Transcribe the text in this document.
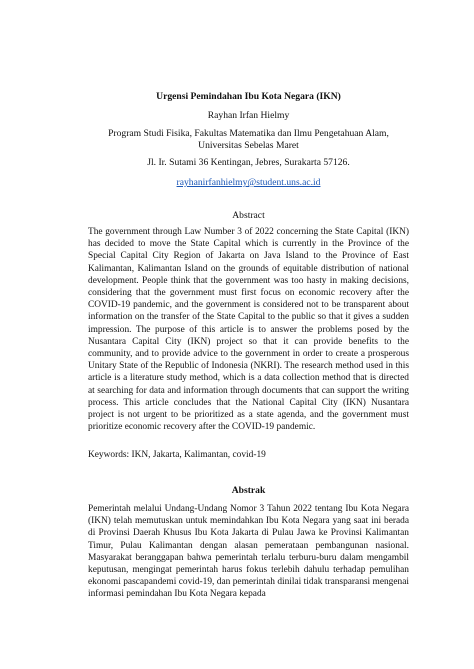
Urgensi Pemindahan Ibu Kota Negara (IKN)
Rayhan Irfan Hielmy
Program Studi Fisika, Fakultas Matematika dan Ilmu Pengetahuan Alam,
Universitas Sebelas Maret
Jl. Ir. Sutami 36 Kentingan, Jebres, Surakarta 57126.
rayhanirfanhielmy@student.uns.ac.id
Abstract
The government through Law Number 3 of 2022 concerning the State Capital (IKN) has decided to move the State Capital which is currently in the Province of the Special Capital City Region of Jakarta on Java Island to the Province of East Kalimantan, Kalimantan Island on the grounds of equitable distribution of national development. People think that the government was too hasty in making decisions, considering that the government must first focus on economic recovery after the COVID-19 pandemic, and the government is considered not to be transparent about information on the transfer of the State Capital to the public so that it gives a sudden impression. The purpose of this article is to answer the problems posed by the Nusantara Capital City (IKN) project so that it can provide benefits to the community, and to provide advice to the government in order to create a prosperous Unitary State of the Republic of Indonesia (NKRI). The research method used in this article is a literature study method, which is a data collection method that is directed at searching for data and information through documents that can support the writing process. This article concludes that the National Capital City (IKN) Nusantara project is not urgent to be prioritized as a state agenda, and the government must prioritize economic recovery after the COVID-19 pandemic.
Keywords: IKN, Jakarta, Kalimantan, covid-19
Abstrak
Pemerintah melalui Undang-Undang Nomor 3 Tahun 2022 tentang Ibu Kota Negara (IKN) telah memutuskan untuk memindahkan Ibu Kota Negara yang saat ini berada di Provinsi Daerah Khusus Ibu Kota Jakarta di Pulau Jawa ke Provinsi Kalimantan Timur, Pulau Kalimantan dengan alasan pemerataan pembangunan nasional. Masyarakat beranggapan bahwa pemerintah terlalu terburu-buru dalam mengambil keputusan, mengingat pemerintah harus fokus terlebih dahulu terhadap pemulihan ekonomi pascapandemi covid-19, dan pemerintah dinilai tidak transparansi mengenai informasi pemindahan Ibu Kota Negara kepada
